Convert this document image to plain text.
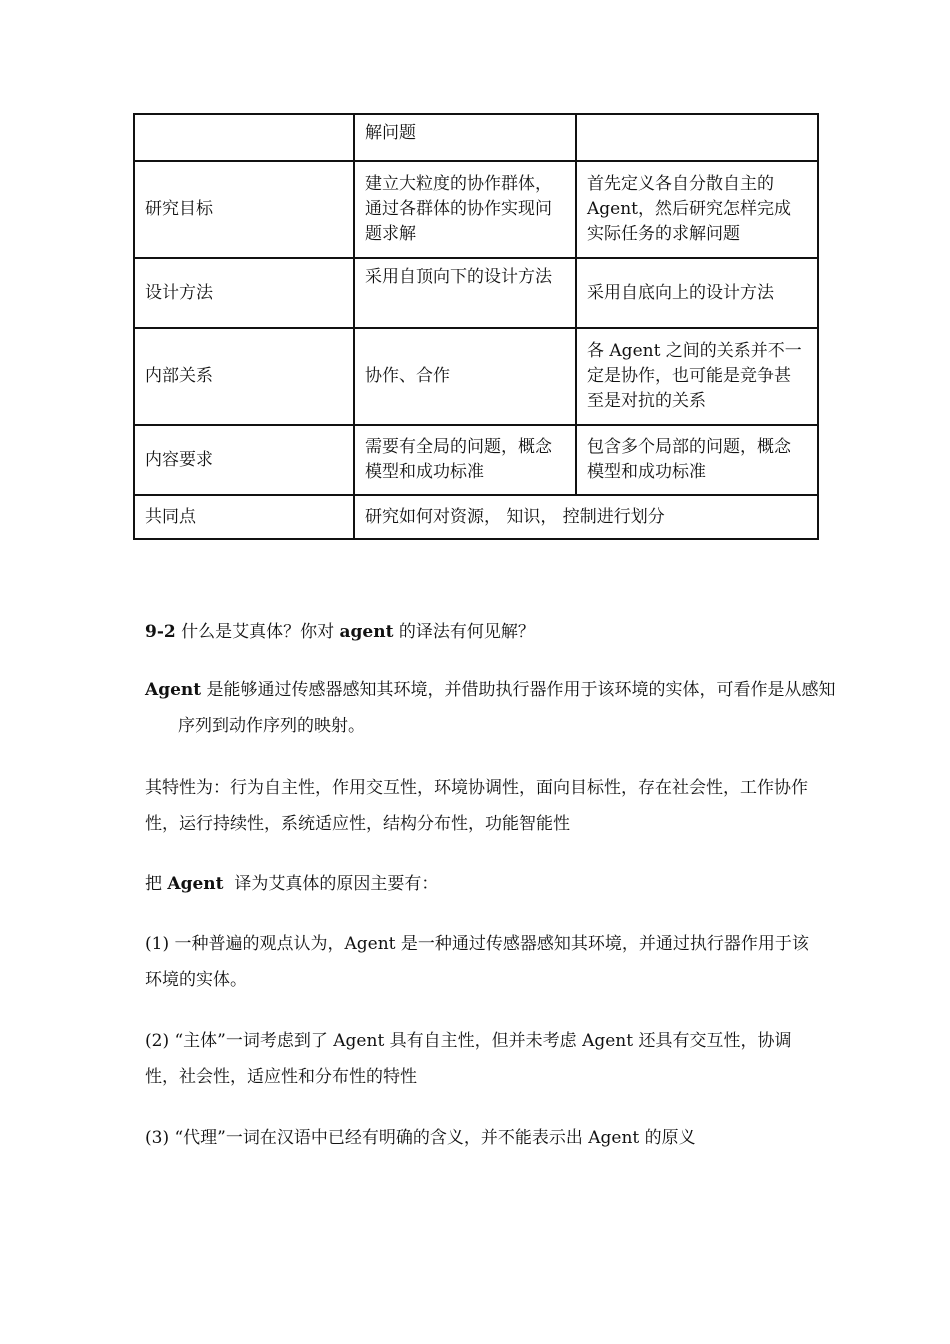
	解问题	
研究目标	建立大粒度的协作群体，通过各群体的协作实现问题求解	首先定义各自分散自主的 Agent，然后研究怎样完成实际任务的求解问题
设计方法	采用自顶向下的设计方法	采用自底向上的设计方法
内部关系	协作、合作	各 Agent 之间的关系并不一定是协作，也可能是竞争甚至是对抗的关系
内容要求	需要有全局的问题，概念模型和成功标准	包含多个局部的问题，概念模型和成功标准
共同点	研究如何对资源， 知识， 控制进行划分	
9-2 什么是艾真体？你对 agent 的译法有何见解？
Agent 是能够通过传感器感知其环境，并借助执行器作用于该环境的实体，可看作是从感知序列到动作序列的映射。
其特性为：行为自主性，作用交互性，环境协调性，面向目标性，存在社会性，工作协作性，运行持续性，系统适应性，结构分布性，功能智能性
把 Agent  译为艾真体的原因主要有：
(1) 一种普遍的观点认为，Agent 是一种通过传感器感知其环境，并通过执行器作用于该环境的实体。
(2) “主体”一词考虑到了 Agent 具有自主性，但并未考虑 Agent 还具有交互性，协调性，社会性，适应性和分布性的特性
(3) “代理”一词在汉语中已经有明确的含义，并不能表示出 Agent 的原义
